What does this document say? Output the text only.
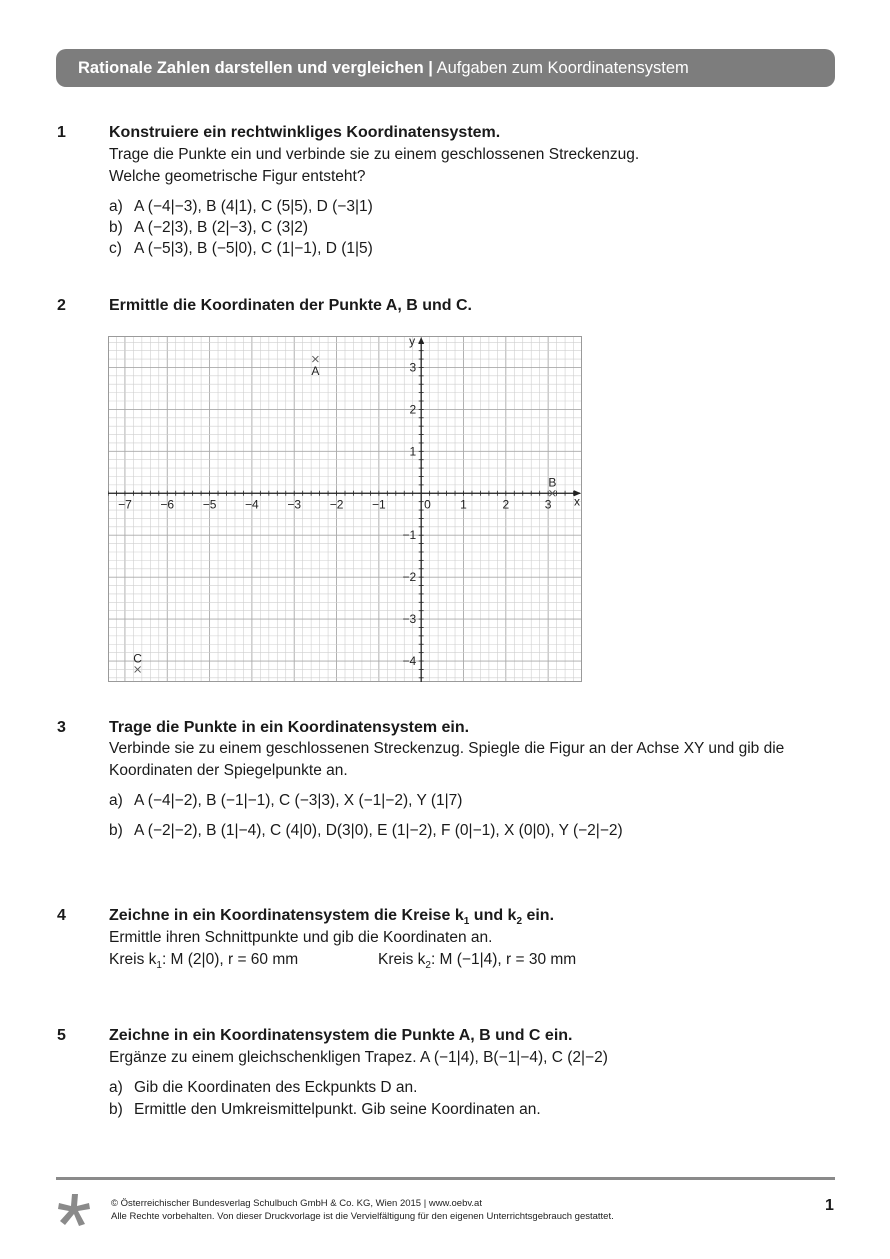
Rationale Zahlen darstellen und vergleichen | Aufgaben zum Koordinatensystem
1	Konstruiere ein rechtwinkliges Koordinatensystem.
Trage die Punkte ein und verbinde sie zu einem geschlossenen Streckenzug.
Welche geometrische Figur entsteht?
a) A (−4|−3), B (4|1), C (5|5), D (−3|1)
b) A (−2|3), B (2|−3), C (3|2)
c) A (−5|3), B (−5|0), C (1|−1), D (1|5)
2	Ermittle die Koordinaten der Punkte A, B und C.
−7 −6 −5 −4 −3 −2 −1	0 1	2	3
−4
−3
−2
−1
1
2
3
x
y
A
B
C
3	Trage die Punkte in ein Koordinatensystem ein.
Verbinde sie zu einem geschlossenen Streckenzug. Spiegle die Figur an der Achse XY und gib die
Koordinaten der Spiegelpunkte an.
a) A (−4|−2), B (−1|−1), C (−3|3), X (−1|−2), Y (1|7)
b) A (−2|−2), B (1|−4), C (4|0), D(3|0), E (1|−2), F (0|−1), X (0|0), Y (−2|−2)
4	Zeichne in ein Koordinatensystem die Kreise $k_1$ und $k_2$ ein.
Ermittle ihren Schnittpunkte und gib die Koordinaten an.
Kreis $k_1$: M (2|0), r = 60 mm	Kreis $k_2$: M (−1|4), r = 30 mm
5	Zeichne in ein Koordinatensystem die Punkte A, B und C ein.
Ergänze zu einem gleichschenkligen Trapez. A (−1|4), B(−1|−4), C (2|−2)
a) Gib die Koordinaten des Eckpunkts D an.
b) Ermittle den Umkreismittelpunkt. Gib seine Koordinaten an.
© Österreichischer Bundesverlag Schulbuch GmbH & Co. KG, Wien 2015 | www.oebv.at
Alle Rechte vorbehalten. Von dieser Druckvorlage ist die Vervielfältigung für den eigenen Unterrichtsgebrauch gestattet.
1
